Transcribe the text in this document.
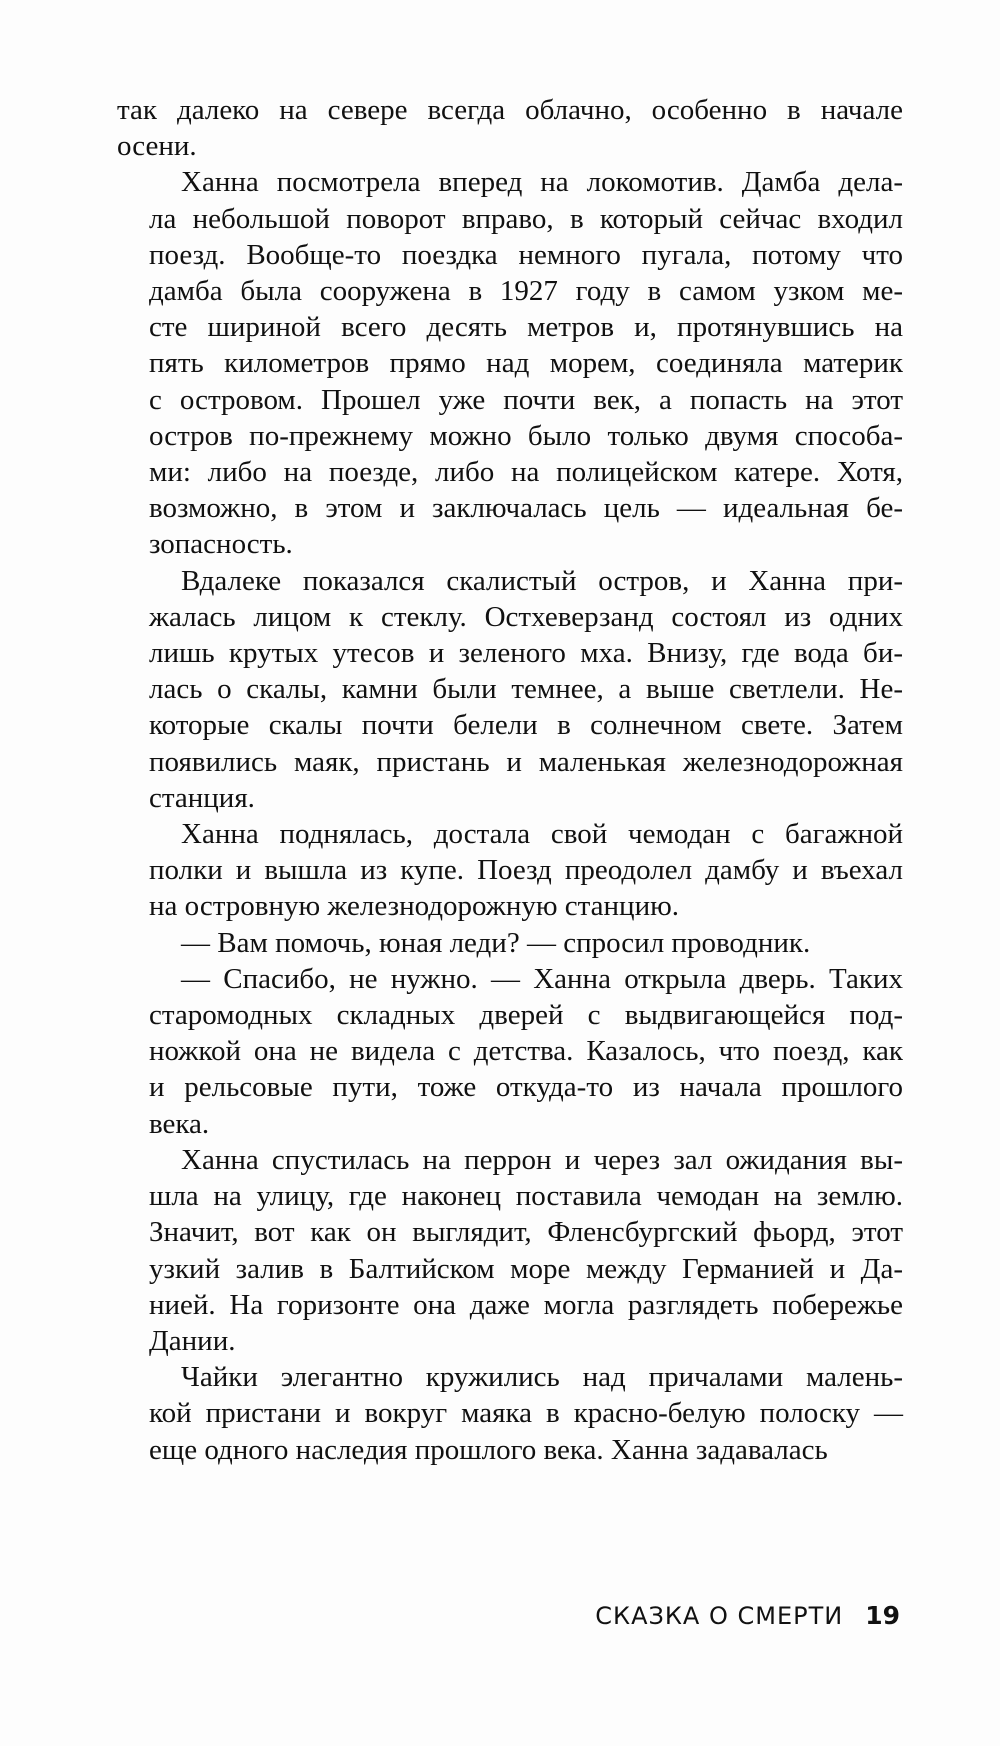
так далеко на севере всегда облачно, особенно в начале
осени.
Ханна посмотрела вперед на локомотив. Дамба дела-
ла небольшой поворот вправо, в который сейчас входил
поезд. Вообще-то поездка немного пугала, потому что
дамба была сооружена в 1927 году в самом узком ме-
сте шириной всего десять метров и, протянувшись на
пять километров прямо над морем, соединяла материк
с островом. Прошел уже почти век, а попасть на этот
остров по-прежнему можно было только двумя способа-
ми: либо на поезде, либо на полицейском катере. Хотя,
возможно, в этом и заключалась цель — идеальная бе-
зопасность.
Вдалеке показался скалистый остров, и Ханна при-
жалась лицом к стеклу. Остхеверзанд состоял из одних
лишь крутых утесов и зеленого мха. Внизу, где вода би-
лась о скалы, камни были темнее, а выше светлели. Не-
которые скалы почти белели в солнечном свете. Затем
появились маяк, пристань и маленькая железнодорожная
станция.
Ханна поднялась, достала свой чемодан с багажной
полки и вышла из купе. Поезд преодолел дамбу и въехал
на островную железнодорожную станцию.
— Вам помочь, юная леди? — спросил проводник.
— Спасибо, не нужно. — Ханна открыла дверь. Таких
старомодных складных дверей с выдвигающейся под-
ножкой она не видела с детства. Казалось, что поезд, как
и рельсовые пути, тоже откуда-то из начала прошлого
века.
Ханна спустилась на перрон и через зал ожидания вы-
шла на улицу, где наконец поставила чемодан на землю.
Значит, вот как он выглядит, Фленсбургский фьорд, этот
узкий залив в Балтийском море между Германией и Да-
нией. На горизонте она даже могла разглядеть побережье
Дании.
Чайки элегантно кружились над причалами малень-
кой пристани и вокруг маяка в красно-белую полоску —
еще одного наследия прошлого века. Ханна задавалась
СКАЗКА О СМЕРТИ 19
